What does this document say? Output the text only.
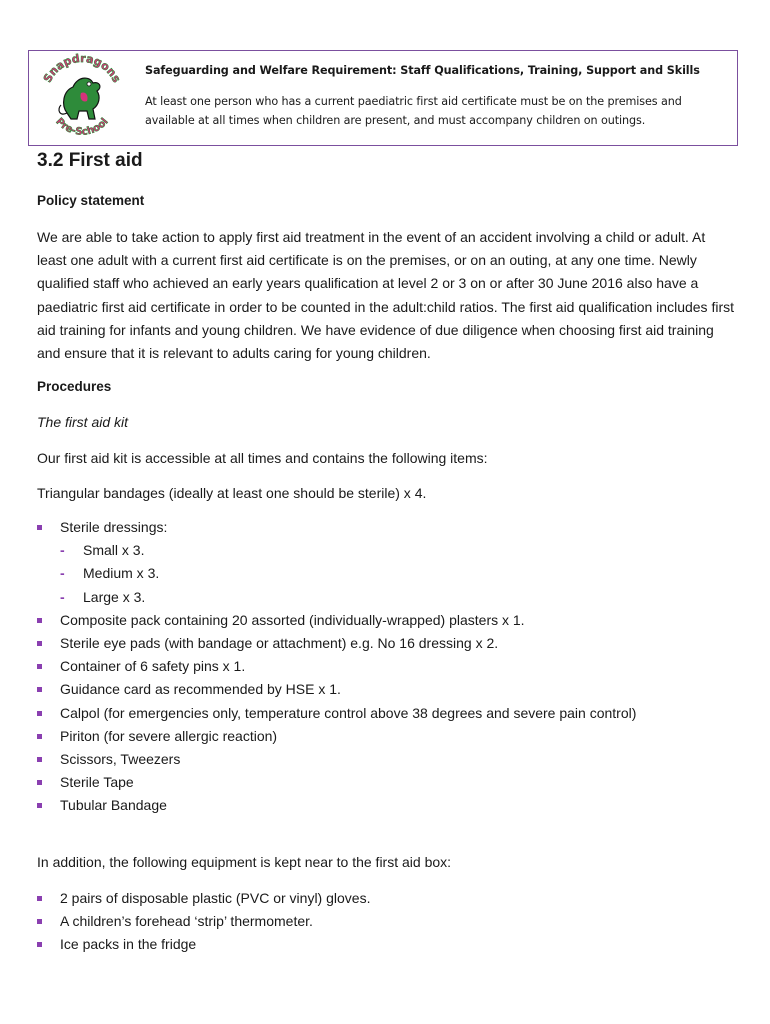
Snapdragons
Pre-School
Safeguarding and Welfare Requirement: Staff Qualifications, Training, Support and Skills
At least one person who has a current paediatric first aid certificate must be on the premises and available at all times when children are present, and must accompany children on outings.
3.2 First aid
Policy statement
We are able to take action to apply first aid treatment in the event of an accident involving a child or adult. At least one adult with a current first aid certificate is on the premises, or on an outing, at any one time. Newly qualified staff who achieved an early years qualification at level 2 or 3 on or after 30 June 2016 also have a paediatric first aid certificate in order to be counted in the adult:child ratios. The first aid qualification includes first aid training for infants and young children. We have evidence of due diligence when choosing first aid training and ensure that it is relevant to adults caring for young children.
Procedures
The first aid kit
Our first aid kit is accessible at all times and contains the following items:
Triangular bandages (ideally at least one should be sterile) x 4.
Sterile dressings:
- Small x 3.
- Medium x 3.
- Large x 3.
Composite pack containing 20 assorted (individually-wrapped) plasters x 1.
Sterile eye pads (with bandage or attachment) e.g. No 16 dressing x 2.
Container of 6 safety pins x 1.
Guidance card as recommended by HSE x 1.
Calpol (for emergencies only, temperature control above 38 degrees and severe pain control)
Piriton (for severe allergic reaction)
Scissors, Tweezers
Sterile Tape
Tubular Bandage
In addition, the following equipment is kept near to the first aid box:
2 pairs of disposable plastic (PVC or vinyl) gloves.
A children’s forehead ‘strip’ thermometer.
Ice packs in the fridge
